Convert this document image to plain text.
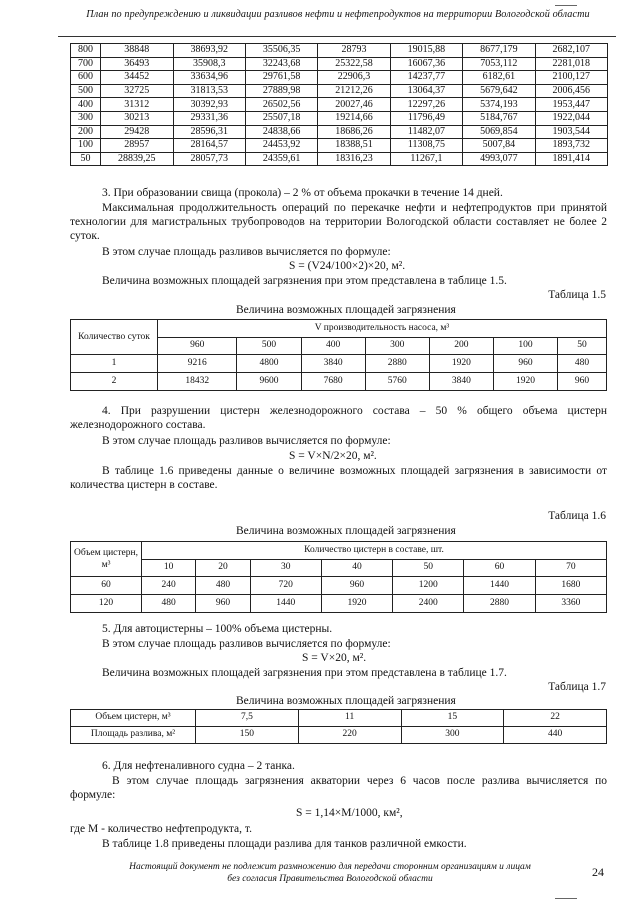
План по предупреждению и ликвидации разливов нефти и нефтепродуктов на территории Вологодской области
800	38848	38693,92	35506,35	28793	19015,88	8677,179	2682,107
700	36493	35908,3	32243,68	25322,58	16067,36	7053,112	2281,018
600	34452	33634,96	29761,58	22906,3	14237,77	6182,61	2100,127
500	32725	31813,53	27889,98	21212,26	13064,37	5679,642	2006,456
400	31312	30392,93	26502,56	20027,46	12297,26	5374,193	1953,447
300	30213	29331,36	25507,18	19214,66	11796,49	5184,767	1922,044
200	29428	28596,31	24838,66	18686,26	11482,07	5069,854	1903,544
100	28957	28164,57	24453,92	18388,51	11308,75	5007,84	1893,732
50	28839,25	28057,73	24359,61	18316,23	11267,1	4993,077	1891,414
3. При образовании свища (прокола) – 2 % от объема прокачки в течение 14 дней.
Максимальная продолжительность операций по перекачке нефти и нефтепродуктов при принятой технологии для магистральных трубопроводов на территории Вологодской области составляет не более 2 суток.
В этом случае площадь разливов вычисляется по формуле:
S = (V24/100×2)×20, м².
Величина возможных площадей загрязнения при этом представлена в таблице 1.5.
Таблица 1.5
Величина возможных площадей загрязнения
Количество суток	V производительность насоса, м³						
	960	500	400	300	200	100	50
1	9216	4800	3840	2880	1920	960	480
2	18432	9600	7680	5760	3840	1920	960
4. При разрушении цистерн железнодорожного состава – 50 % общего объема цистерн железнодорожного состава.
В этом случае площадь разливов вычисляется по формуле:
S = V×N/2×20, м².
В таблице 1.6 приведены данные о величине возможных площадей загрязнения в зависимости от количества цистерн в составе.
Таблица 1.6
Величина возможных площадей загрязнения
Объем цистерн, м³	Количество цистерн в составе, шт.						
	10	20	30	40	50	60	70
60	240	480	720	960	1200	1440	1680
120	480	960	1440	1920	2400	2880	3360
5. Для автоцистерны – 100% объема цистерны.
В этом случае площадь разливов вычисляется по формуле:
S = V×20, м².
Величина возможных площадей загрязнения при этом представлена в таблице 1.7.
Таблица 1.7
Величина возможных площадей загрязнения
Объем цистерн, м³	7,5	11	15	22
Площадь разлива, м²	150	220	300	440
6. Для нефтеналивного судна – 2 танка.
В этом случае площадь загрязнения акватории через 6 часов после разлива вычисляется по формуле:
S = 1,14×M/1000, км²,
где М - количество нефтепродукта, т.
В таблице 1.8 приведены площади разлива для танков различной емкости.
Настоящий документ не подлежит размножению для передачи сторонним организациям и лицам
без согласия Правительства Вологодской области	24
